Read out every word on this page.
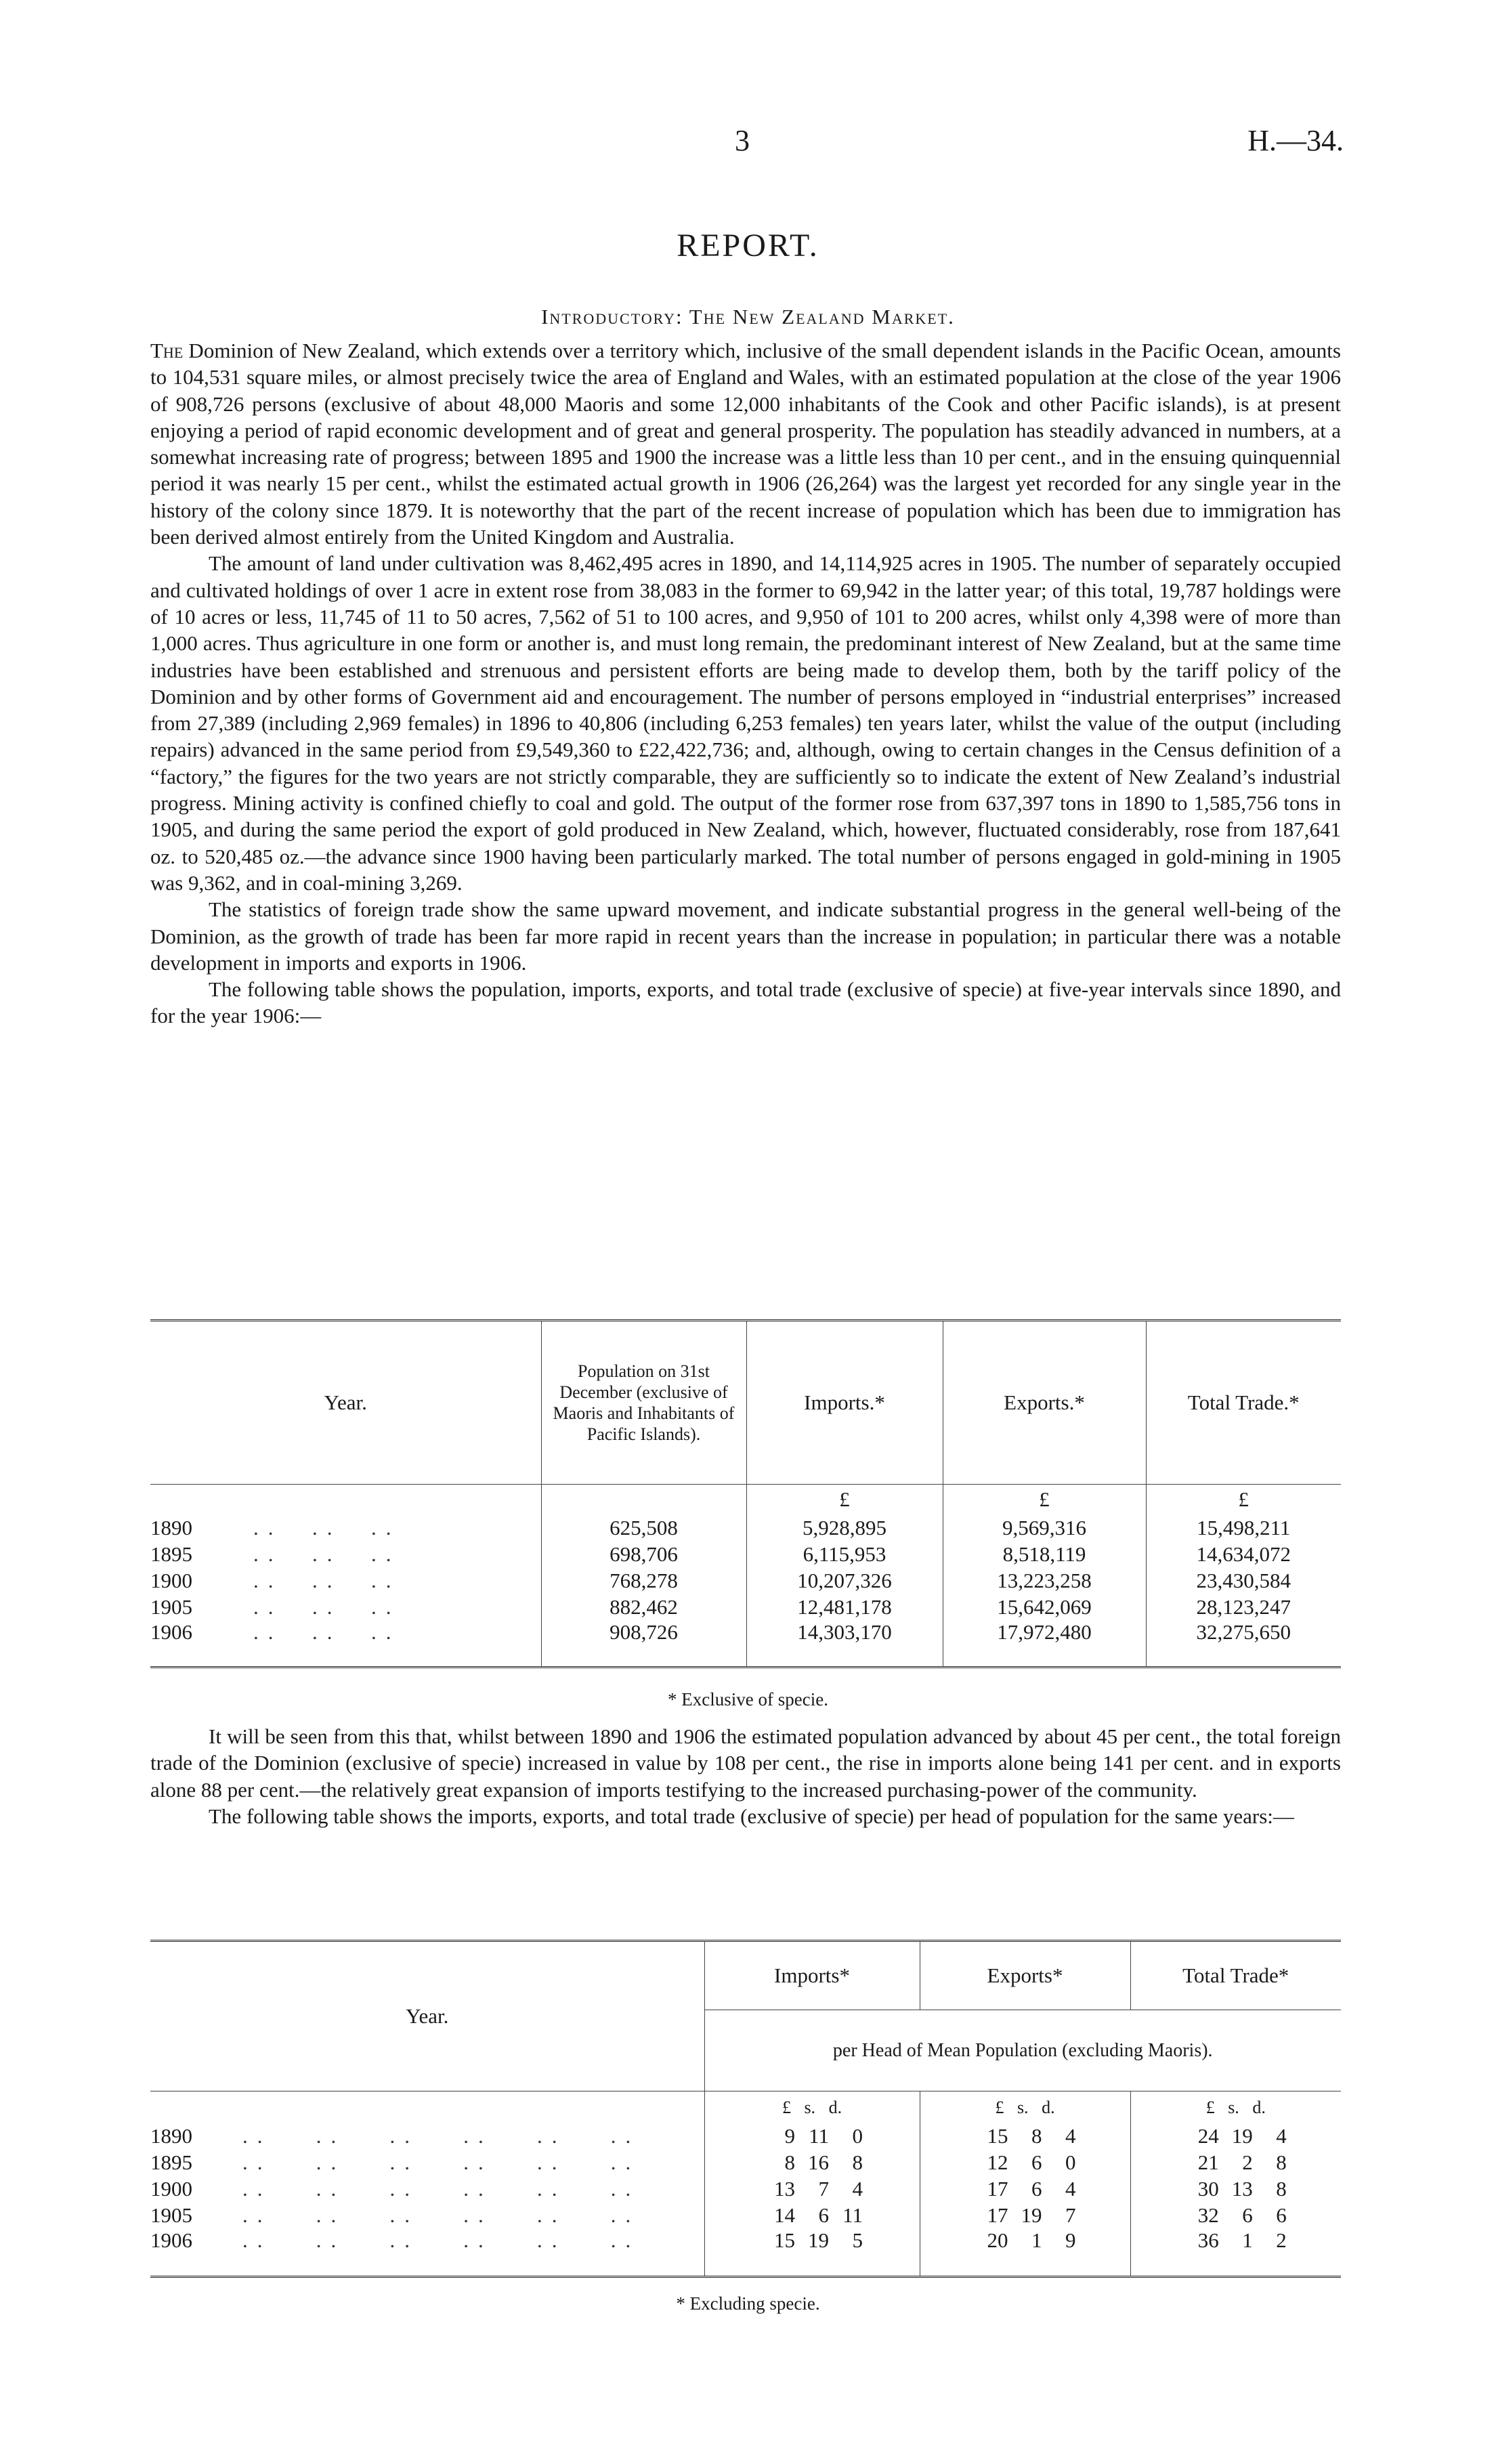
3	H.—34.
REPORT.
Introductory: The New Zealand Market.

The Dominion of New Zealand, which extends over a territory which, inclusive of the small dependent islands in the Pacific Ocean, amounts to 104,531 square miles, or almost precisely twice the area of England and Wales, with an estimated population at the close of the year 1906 of 908,726 persons (exclusive of about 48,000 Maoris and some 12,000 inhabitants of the Cook and other Pacific islands), is at present enjoying a period of rapid economic development and of great and general prosperity. The population has steadily advanced in numbers, at a somewhat increasing rate of progress; between 1895 and 1900 the increase was a little less than 10 per cent., and in the ensuing quinquennial period it was nearly 15 per cent., whilst the estimated actual growth in 1906 (26,264) was the largest yet recorded for any single year in the history of the colony since 1879. It is noteworthy that the part of the recent increase of population which has been due to immigration has been derived almost entirely from the United Kingdom and Australia.

The amount of land under cultivation was 8,462,495 acres in 1890, and 14,114,925 acres in 1905. The number of separately occupied and cultivated holdings of over 1 acre in extent rose from 38,083 in the former to 69,942 in the latter year; of this total, 19,787 holdings were of 10 acres or less, 11,745 of 11 to 50 acres, 7,562 of 51 to 100 acres, and 9,950 of 101 to 200 acres, whilst only 4,398 were of more than 1,000 acres. Thus agriculture in one form or another is, and must long remain, the predominant interest of New Zealand, but at the same time industries have been established and strenuous and persistent efforts are being made to develop them, both by the tariff policy of the Dominion and by other forms of Government aid and encouragement. The number of persons employed in “industrial enterprises” increased from 27,389 (including 2,969 females) in 1896 to 40,806 (including 6,253 females) ten years later, whilst the value of the output (including repairs) advanced in the same period from £9,549,360 to £22,422,736; and, although, owing to certain changes in the Census definition of a “factory,” the figures for the two years are not strictly comparable, they are sufficiently so to indicate the extent of New Zealand’s industrial progress. Mining activity is confined chiefly to coal and gold. The output of the former rose from 637,397 tons in 1890 to 1,585,756 tons in 1905, and during the same period the export of gold produced in New Zealand, which, however, fluctuated considerably, rose from 187,641 oz. to 520,485 oz.—the advance since 1900 having been particularly marked. The total number of persons engaged in gold-mining in 1905 was 9,362, and in coal-mining 3,269.

The statistics of foreign trade show the same upward movement, and indicate substantial progress in the general well-being of the Dominion, as the growth of trade has been far more rapid in recent years than the increase in population; in particular there was a notable development in imports and exports in 1906.

The following table shows the population, imports, exports, and total trade (exclusive of specie) at five-year intervals since 1890, and for the year 1906:—

Year.	Population on 31st December (exclusive of Maoris and Inhabitants of Pacific Islands).	Imports.*	Exports.*	Total Trade.*
		£	£	£
1890 ..  ..  ..	625,508	5,928,895	9,569,316	15,498,211
1895 ..  ..  ..	698,706	6,115,953	8,518,119	14,634,072
1900 ..  ..  ..	768,278	10,207,326	13,223,258	23,430,584
1905 ..  ..  ..	882,462	12,481,178	15,642,069	28,123,247
1906 ..  ..  ..	908,726	14,303,170	17,972,480	32,275,650
* Exclusive of specie.

It will be seen from this that, whilst between 1890 and 1906 the estimated population advanced by about 45 per cent., the total foreign trade of the Dominion (exclusive of specie) increased in value by 108 per cent., the rise in imports alone being 141 per cent. and in exports alone 88 per cent.—the relatively great expansion of imports testifying to the increased purchasing-power of the community.

The following table shows the imports, exports, and total trade (exclusive of specie) per head of population for the same years:—

Year.	Imports*	Exports*	Total Trade*
	per Head of Mean Population (excluding Maoris).		
	£ s. d.	£ s. d.	£ s. d.
1890 ..   ..   ..   ..   ..   ..	9 11 0	15 8 4	24 19 4
1895 ..   ..   ..   ..   ..   ..	8 16 8	12 6 0	21 2 8
1900 ..   ..   ..   ..   ..   ..	13 7 4	17 6 4	30 13 8
1905 ..   ..   ..   ..   ..   ..	14 6 11	17 19 7	32 6 6
1906 ..   ..   ..   ..   ..   ..	15 19 5	20 1 9	36 1 2
* Excluding specie.
